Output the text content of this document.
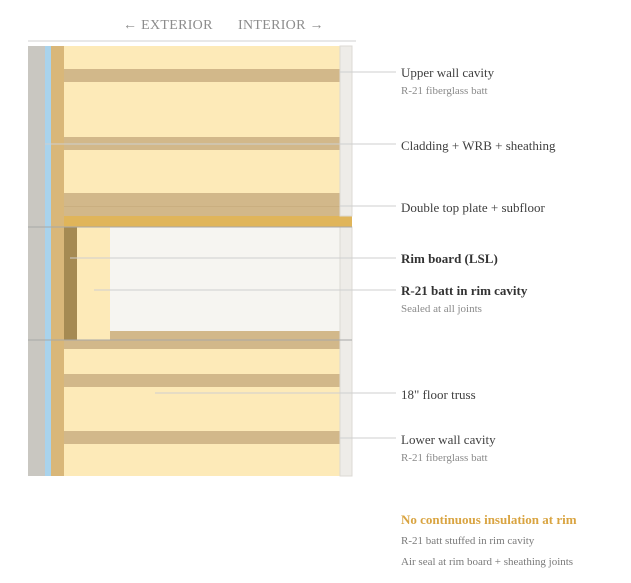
← EXTERIOR INTERIOR →
Upper wall cavity
R-21 fiberglass batt
Cladding + WRB + sheathing
Double top plate + subfloor
Rim board (LSL)
R-21 batt in rim cavity
Sealed at all joints
18" floor truss
Lower wall cavity
R-21 fiberglass batt
No continuous insulation at rim
R-21 batt stuffed in rim cavity
Air seal at rim board + sheathing joints
